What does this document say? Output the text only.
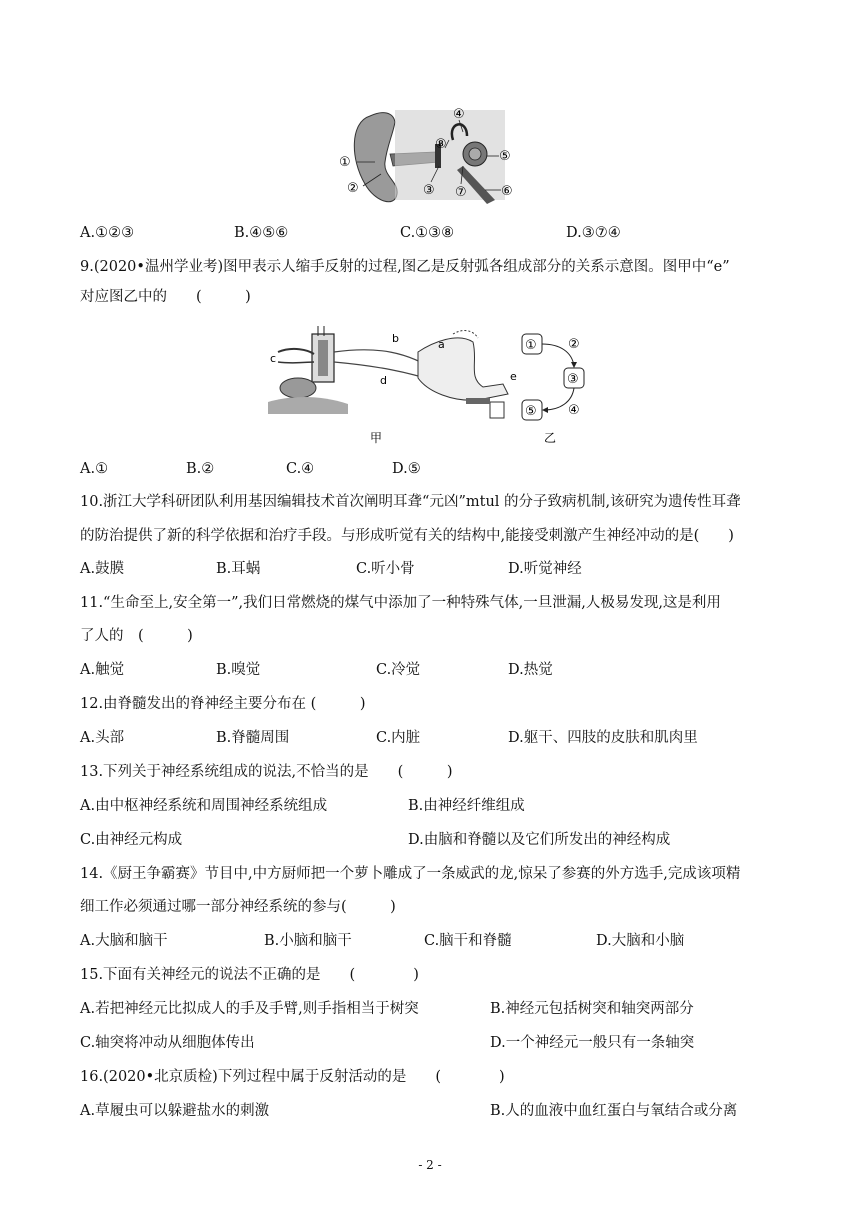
①
②	③
④
⑤
⑥
⑦
⑧
A.①②③	B.④⑤⑥	C.①③⑧	D.③⑦④
9.(2020•温州学业考)图甲表示人缩手反射的过程,图乙是反射弧各组成部分的关系示意图。图甲中“e”
对应图乙中的　　(　　　)
a
b
c
d	e
甲
① ②
③
④
⑤
乙
A.①	B.②	C.④	D.⑤
10.浙江大学科研团队利用基因编辑技术首次阐明耳聋“元凶”mtul 的分子致病机制,该研究为遗传性耳聋
的防治提供了新的科学依据和治疗手段。与形成听觉有关的结构中,能接受刺激产生神经冲动的是(　　)
A.鼓膜	B.耳蜗	C.听小骨	D.听觉神经
11.“生命至上,安全第一”,我们日常燃烧的煤气中添加了一种特殊气体,一旦泄漏,人极易发现,这是利用
了人的　(　　　)
A.触觉	B.嗅觉	C.冷觉	D.热觉
12.由脊髓发出的脊神经主要分布在 (　　　)
A.头部	B.脊髓周围	C.内脏	D.躯干、四肢的皮肤和肌肉里
13.下列关于神经系统组成的说法,不恰当的是　　(　　　)
A.由中枢神经系统和周围神经系统组成	B.由神经纤维组成
C.由神经元构成	D.由脑和脊髓以及它们所发出的神经构成
14.《厨王争霸赛》节目中,中方厨师把一个萝卜雕成了一条威武的龙,惊呆了参赛的外方选手,完成该项精
细工作必须通过哪一部分神经系统的参与(　　　)
A.大脑和脑干	B.小脑和脑干	C.脑干和脊髓	D.大脑和小脑
15.下面有关神经元的说法不正确的是　　(　　　　)
A.若把神经元比拟成人的手及手臂,则手指相当于树突	B.神经元包括树突和轴突两部分
C.轴突将冲动从细胞体传出	D.一个神经元一般只有一条轴突
16.(2020•北京质检)下列过程中属于反射活动的是　　(　　　　)
A.草履虫可以躲避盐水的刺激	B.人的血液中血红蛋白与氧结合或分离
- 2 -
